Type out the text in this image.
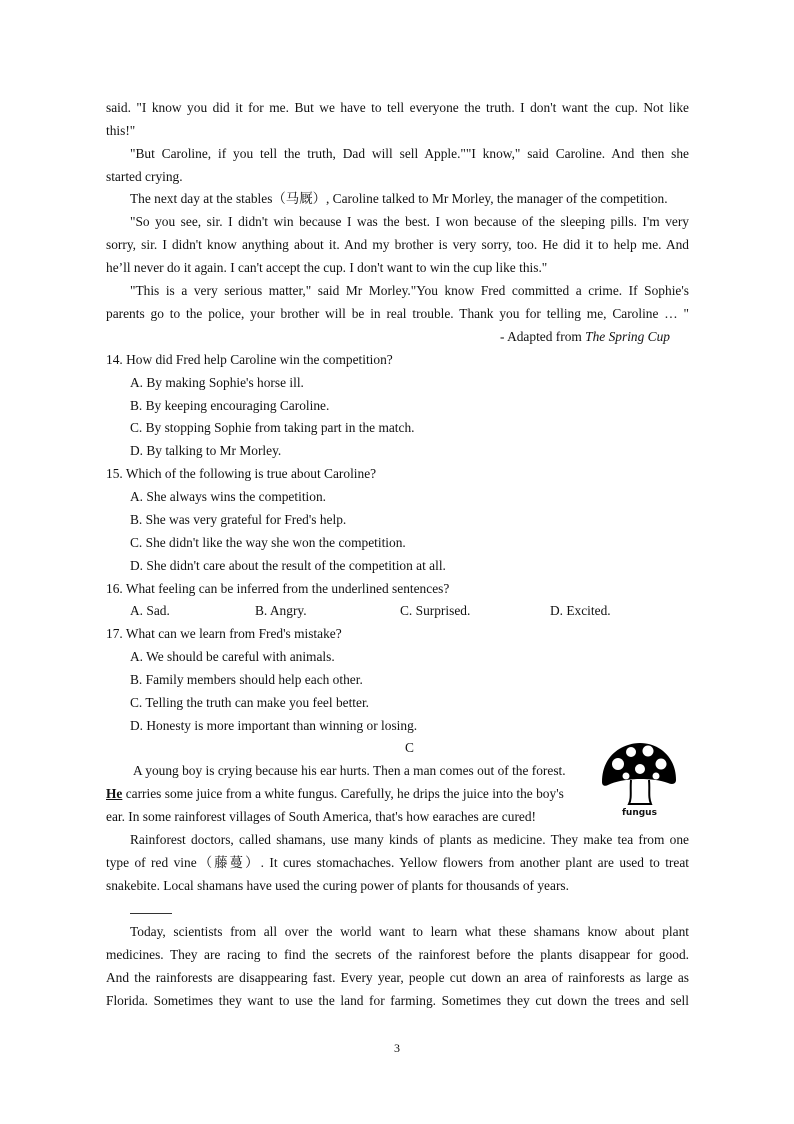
said. "I know you did it for me. But we have to tell everyone the truth. I don't want the cup. Not like
this!"
"But Caroline, if you tell the truth, Dad will sell Apple.""I know," said Caroline. And then she
started crying.
The next day at the stables（马厩）, Caroline talked to Mr Morley, the manager of the competition.
"So you see, sir. I didn't win because I was the best. I won because of the sleeping pills. I'm very
sorry, sir. I didn't know anything about it. And my brother is very sorry, too. He did it to help me. And
he’ll never do it again. I can't accept the cup. I don't want to win the cup like this."
"This is a very serious matter," said Mr Morley."You know Fred committed a crime. If Sophie's
parents go to the police, your brother will be in real trouble. Thank you for telling me, Caroline … "
- Adapted from The Spring Cup
14. How did Fred help Caroline win the competition?
A. By making Sophie's horse ill.
B. By keeping encouraging Caroline.
C. By stopping Sophie from taking part in the match.
D. By talking to Mr Morley.
15. Which of the following is true about Caroline?
A. She always wins the competition.
B. She was very grateful for Fred's help.
C. She didn't like the way she won the competition.
D. She didn't care about the result of the competition at all.
16. What feeling can be inferred from the underlined sentences?
A. Sad.	B. Angry.	C. Surprised.	D. Excited.
17. What can we learn from Fred's mistake?
A. We should be careful with animals.
B. Family members should help each other.
C. Telling the truth can make you feel better.
D. Honesty is more important than winning or losing.
C
A young boy is crying because his ear hurts. Then a man comes out of the forest.
He carries some juice from a white fungus. Carefully, he drips the juice into the boy's
ear. In some rainforest villages of South America, that's how earaches are cured!	fungus
Rainforest doctors, called shamans, use many kinds of plants as medicine. They make tea from one
type of red vine（藤蔓）. It cures stomachaches. Yellow flowers from another plant are used to treat
snakebite. Local shamans have used the curing power of plants for thousands of years.
Today, scientists from all over the world want to learn what these shamans know about plant
medicines. They are racing to find the secrets of the rainforest before the plants disappear for good.
And the rainforests are disappearing fast. Every year, people cut down an area of rainforests as large as
Florida. Sometimes they want to use the land for farming. Sometimes they cut down the trees and sell
3
